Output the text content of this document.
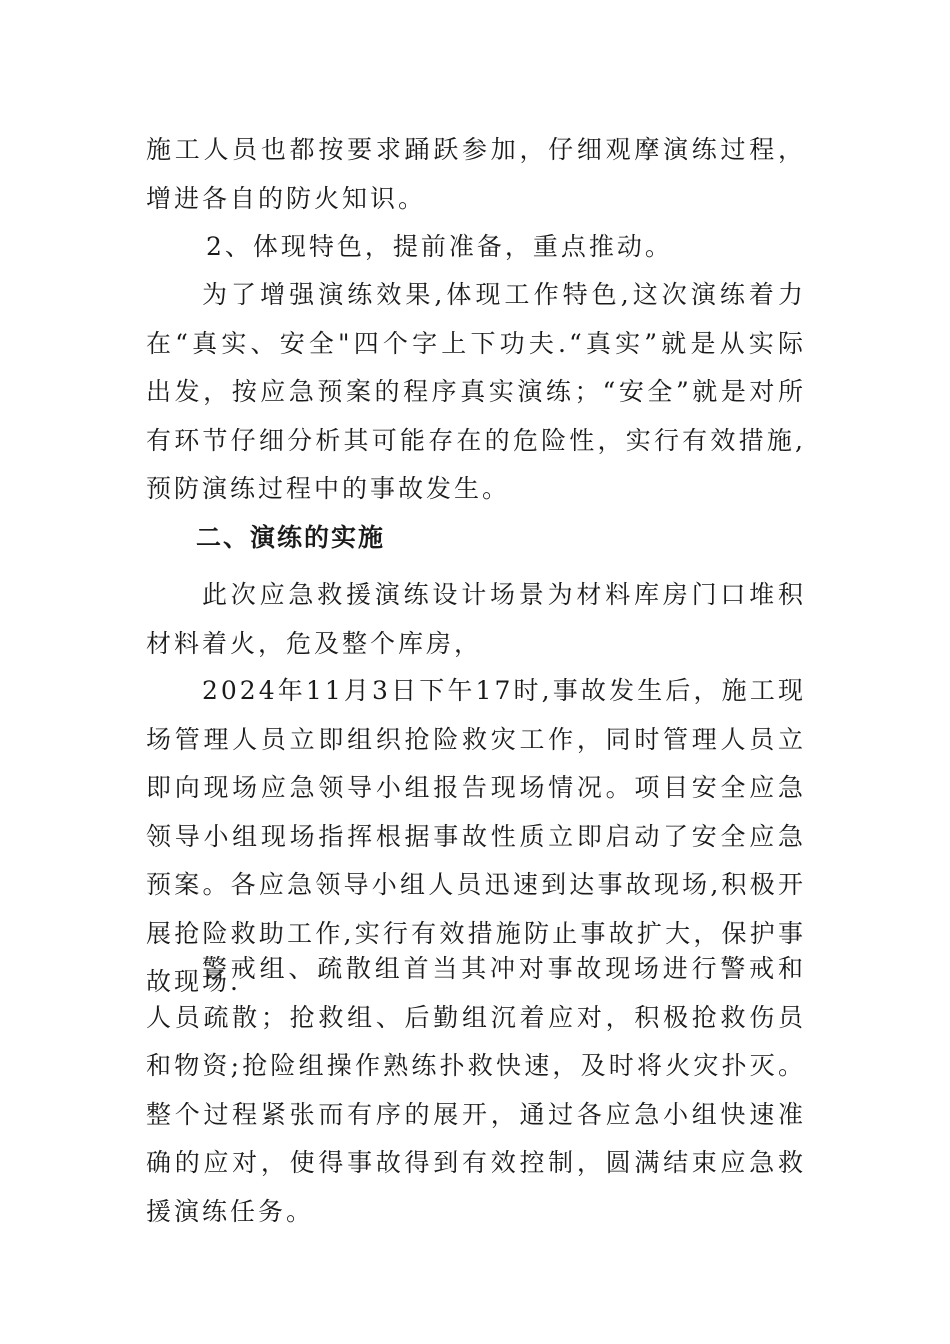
施工人员也都按要求踊跃参加，仔细观摩演练过程，增进各自的防火知识。

2、体现特色，提前准备，重点推动。

为了增强演练效果,体现工作特色,这次演练着力在“真实、安全"四个字上下功夫.“真实”就是从实际出发，按应急预案的程序真实演练；“安全”就是对所有环节仔细分析其可能存在的危险性，实行有效措施,预防演练过程中的事故发生。

二、演练的实施

此次应急救援演练设计场景为材料库房门口堆积材料着火，危及整个库房，

2024年11月3日下午17时,事故发生后，施工现场管理人员立即组织抢险救灾工作，同时管理人员立即向现场应急领导小组报告现场情况。项目安全应急领导小组现场指挥根据事故性质立即启动了安全应急预案。各应急领导小组人员迅速到达事故现场,积极开展抢险救助工作,实行有效措施防止事故扩大，保护事故现场.

警戒组、疏散组首当其冲对事故现场进行警戒和人员疏散；抢救组、后勤组沉着应对，积极抢救伤员和物资;抢险组操作熟练扑救快速，及时将火灾扑灭。整个过程紧张而有序的展开，通过各应急小组快速准确的应对，使得事故得到有效控制，圆满结束应急救援演练任务。
